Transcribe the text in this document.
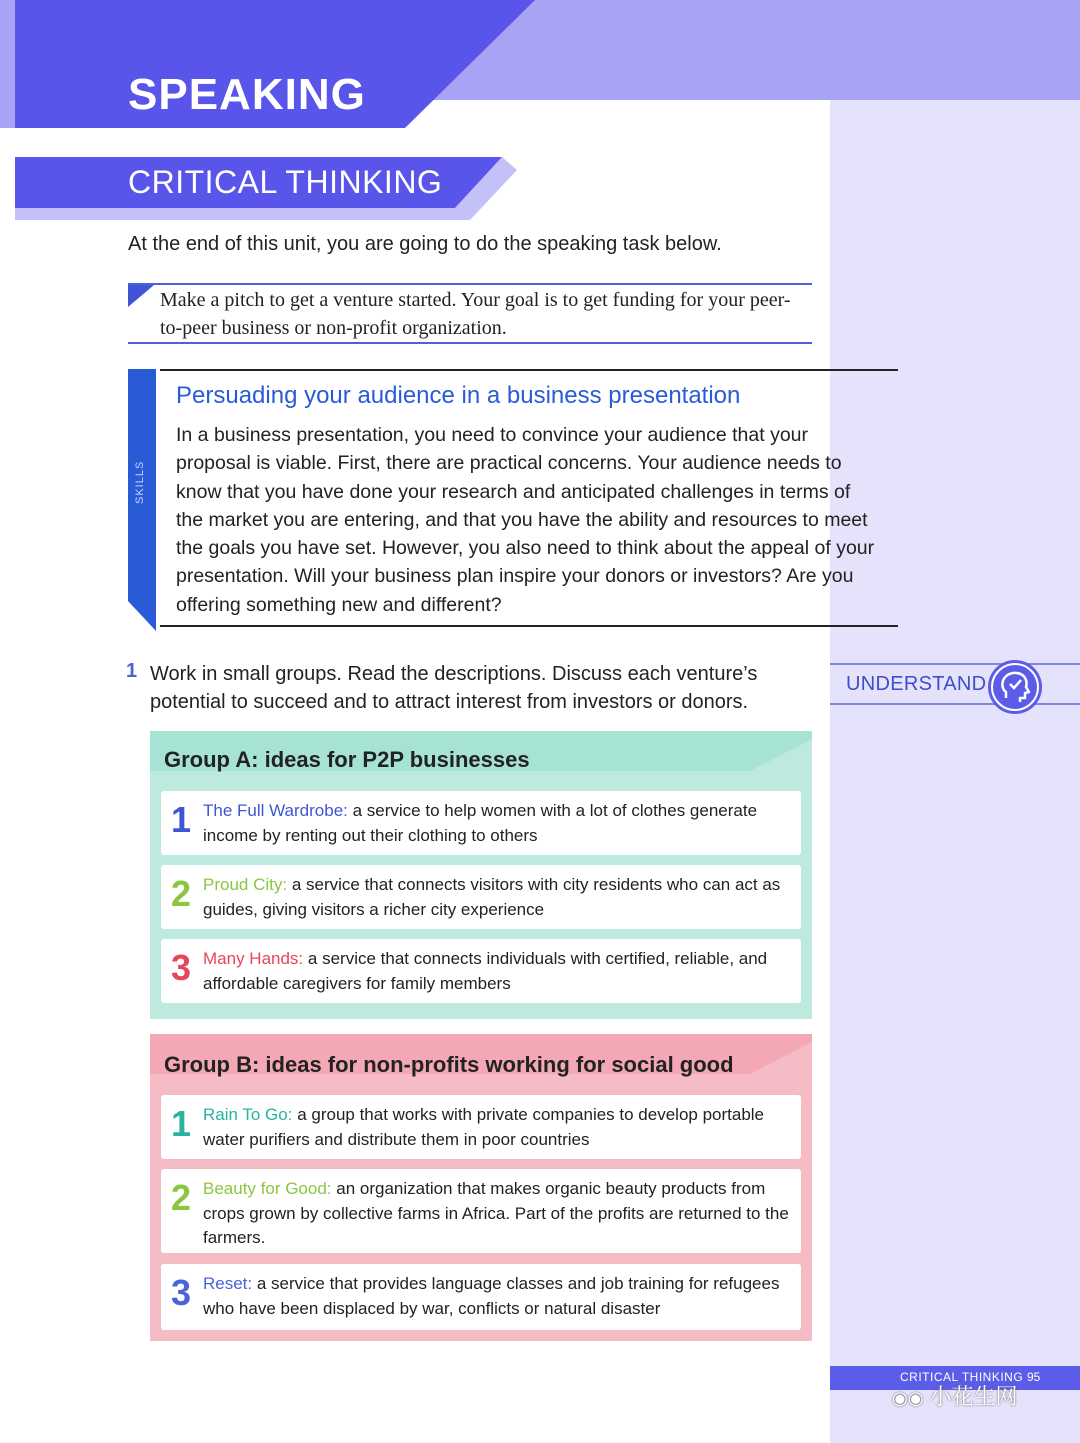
SPEAKING
CRITICAL THINKING
At the end of this unit, you are going to do the speaking task below.
Make a pitch to get a venture started. Your goal is to get funding for your peer-to-peer business or non-profit organization.
SKILLS
Persuading your audience in a business presentation
In a business presentation, you need to convince your audience that your proposal is viable. First, there are practical concerns. Your audience needs to know that you have done your research and anticipated challenges in terms of the market you are entering, and that you have the ability and resources to meet the goals you have set. However, you also need to think about the appeal of your presentation. Will your business plan inspire your donors or investors? Are you offering something new and different?
1 Work in small groups. Read the descriptions. Discuss each venture’s potential to succeed and to attract interest from investors or donors.
UNDERSTAND
Group A: ideas for P2P businesses
1 The Full Wardrobe: a service to help women with a lot of clothes generate income by renting out their clothing to others
2 Proud City: a service that connects visitors with city residents who can act as guides, giving visitors a richer city experience
3 Many Hands: a service that connects individuals with certified, reliable, and affordable caregivers for family members
Group B: ideas for non-profits working for social good
1 Rain To Go: a group that works with private companies to develop portable water purifiers and distribute them in poor countries
2 Beauty for Good: an organization that makes organic beauty products from crops grown by collective farms in Africa. Part of the profits are returned to the farmers.
3 Reset: a service that provides language classes and job training for refugees who have been displaced by war, conflicts or natural disaster
CRITICAL THINKING 95
◉◉ 小花生网
